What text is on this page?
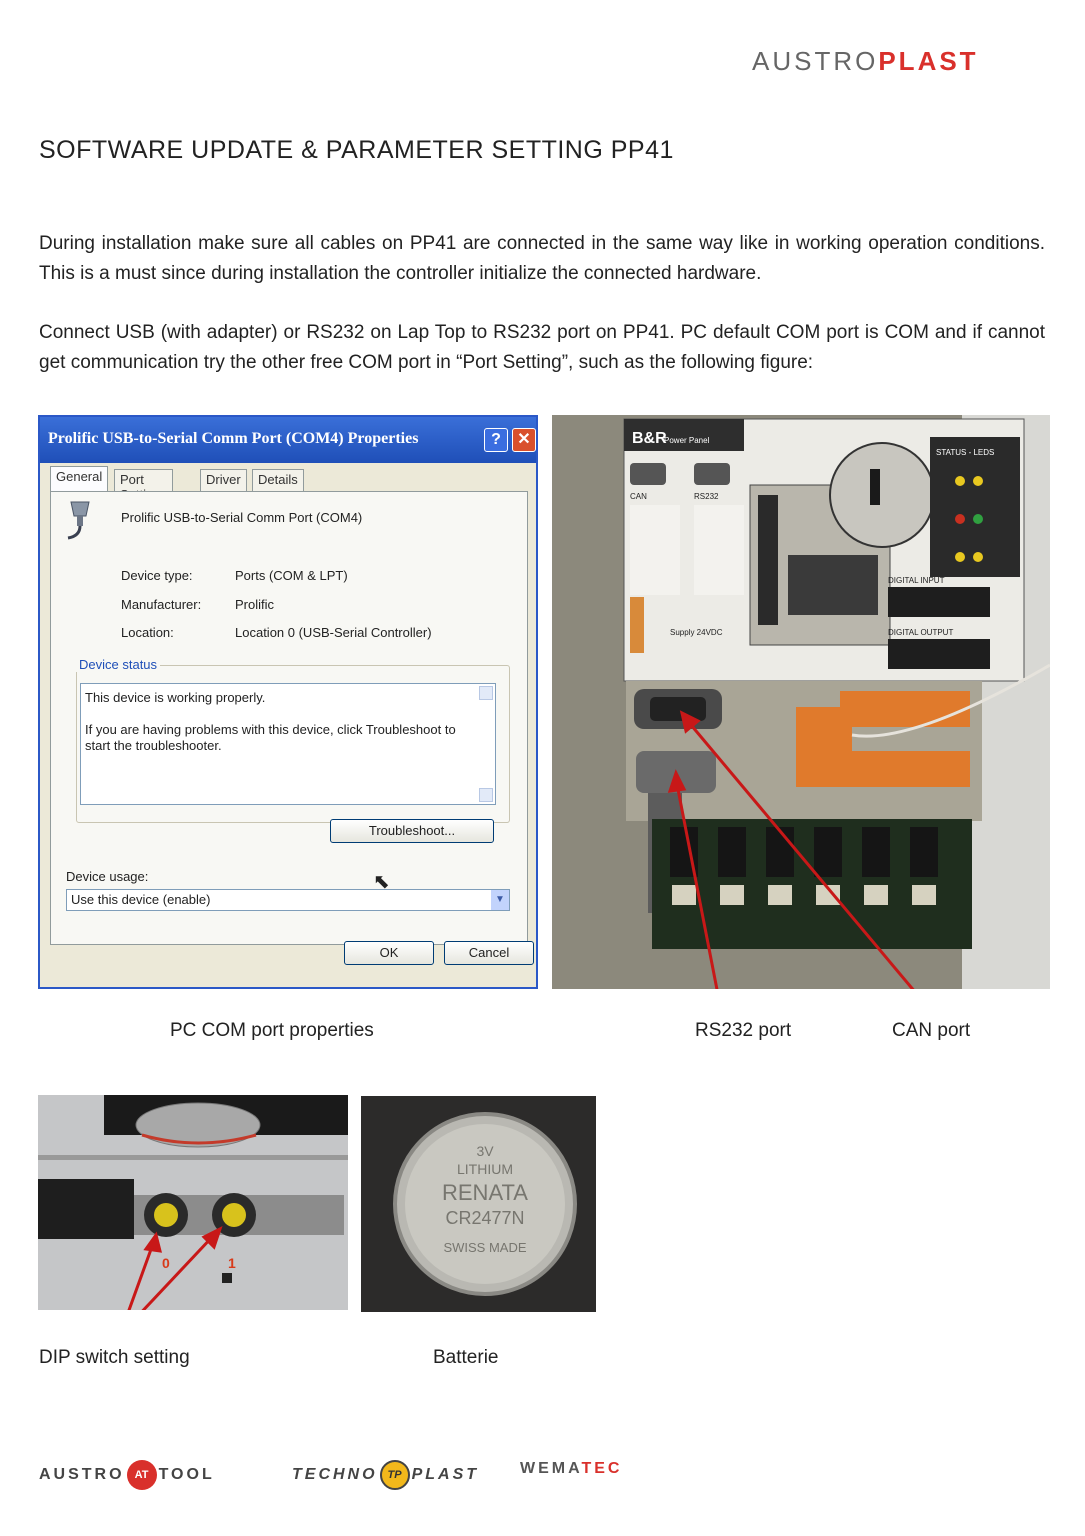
AUSTROPLAST
SOFTWARE UPDATE & PARAMETER SETTING PP41

During installation make sure all cables on PP41 are connected in the same way like in working operation conditions. This is a must since during installation the controller initialize the connected hardware.

Connect USB (with adapter) or RS232 on Lap Top to RS232 port on PP41. PC default COM port is COM and if cannot get communication try the other free COM port in “Port Setting”, such as the following figure:

Prolific USB-to-Serial Comm Port (COM4) Properties	?	✕
General	Port	Driver	Details
Prolific USB-to-Serial Comm Port (COM4)
Device type:	Ports (COM & LPT)
Manufacturer:	Prolific
Location:	Location 0 (USB-Serial Controller)
Device status
This device is working properly.
If you are having problems with this device, click Troubleshoot to
start the troubleshooter.
Troubleshoot...
Device usage:
Use this device (enable)	▼
⬉
OK	Cancel
B&R
Power Panel
CAN	RS232
Supply 24VDC
STATUS - LEDS
DIGITAL INPUT
DIGITAL OUTPUT
PC COM port properties	RS232 port	CAN port
0	1
3V
LITHIUM
RENATA
CR2477N
SWISS MADE
DIP switch setting	Batterie
AUSTRO AT TOOL	TECHNO TP PLAST	WEMATEC
